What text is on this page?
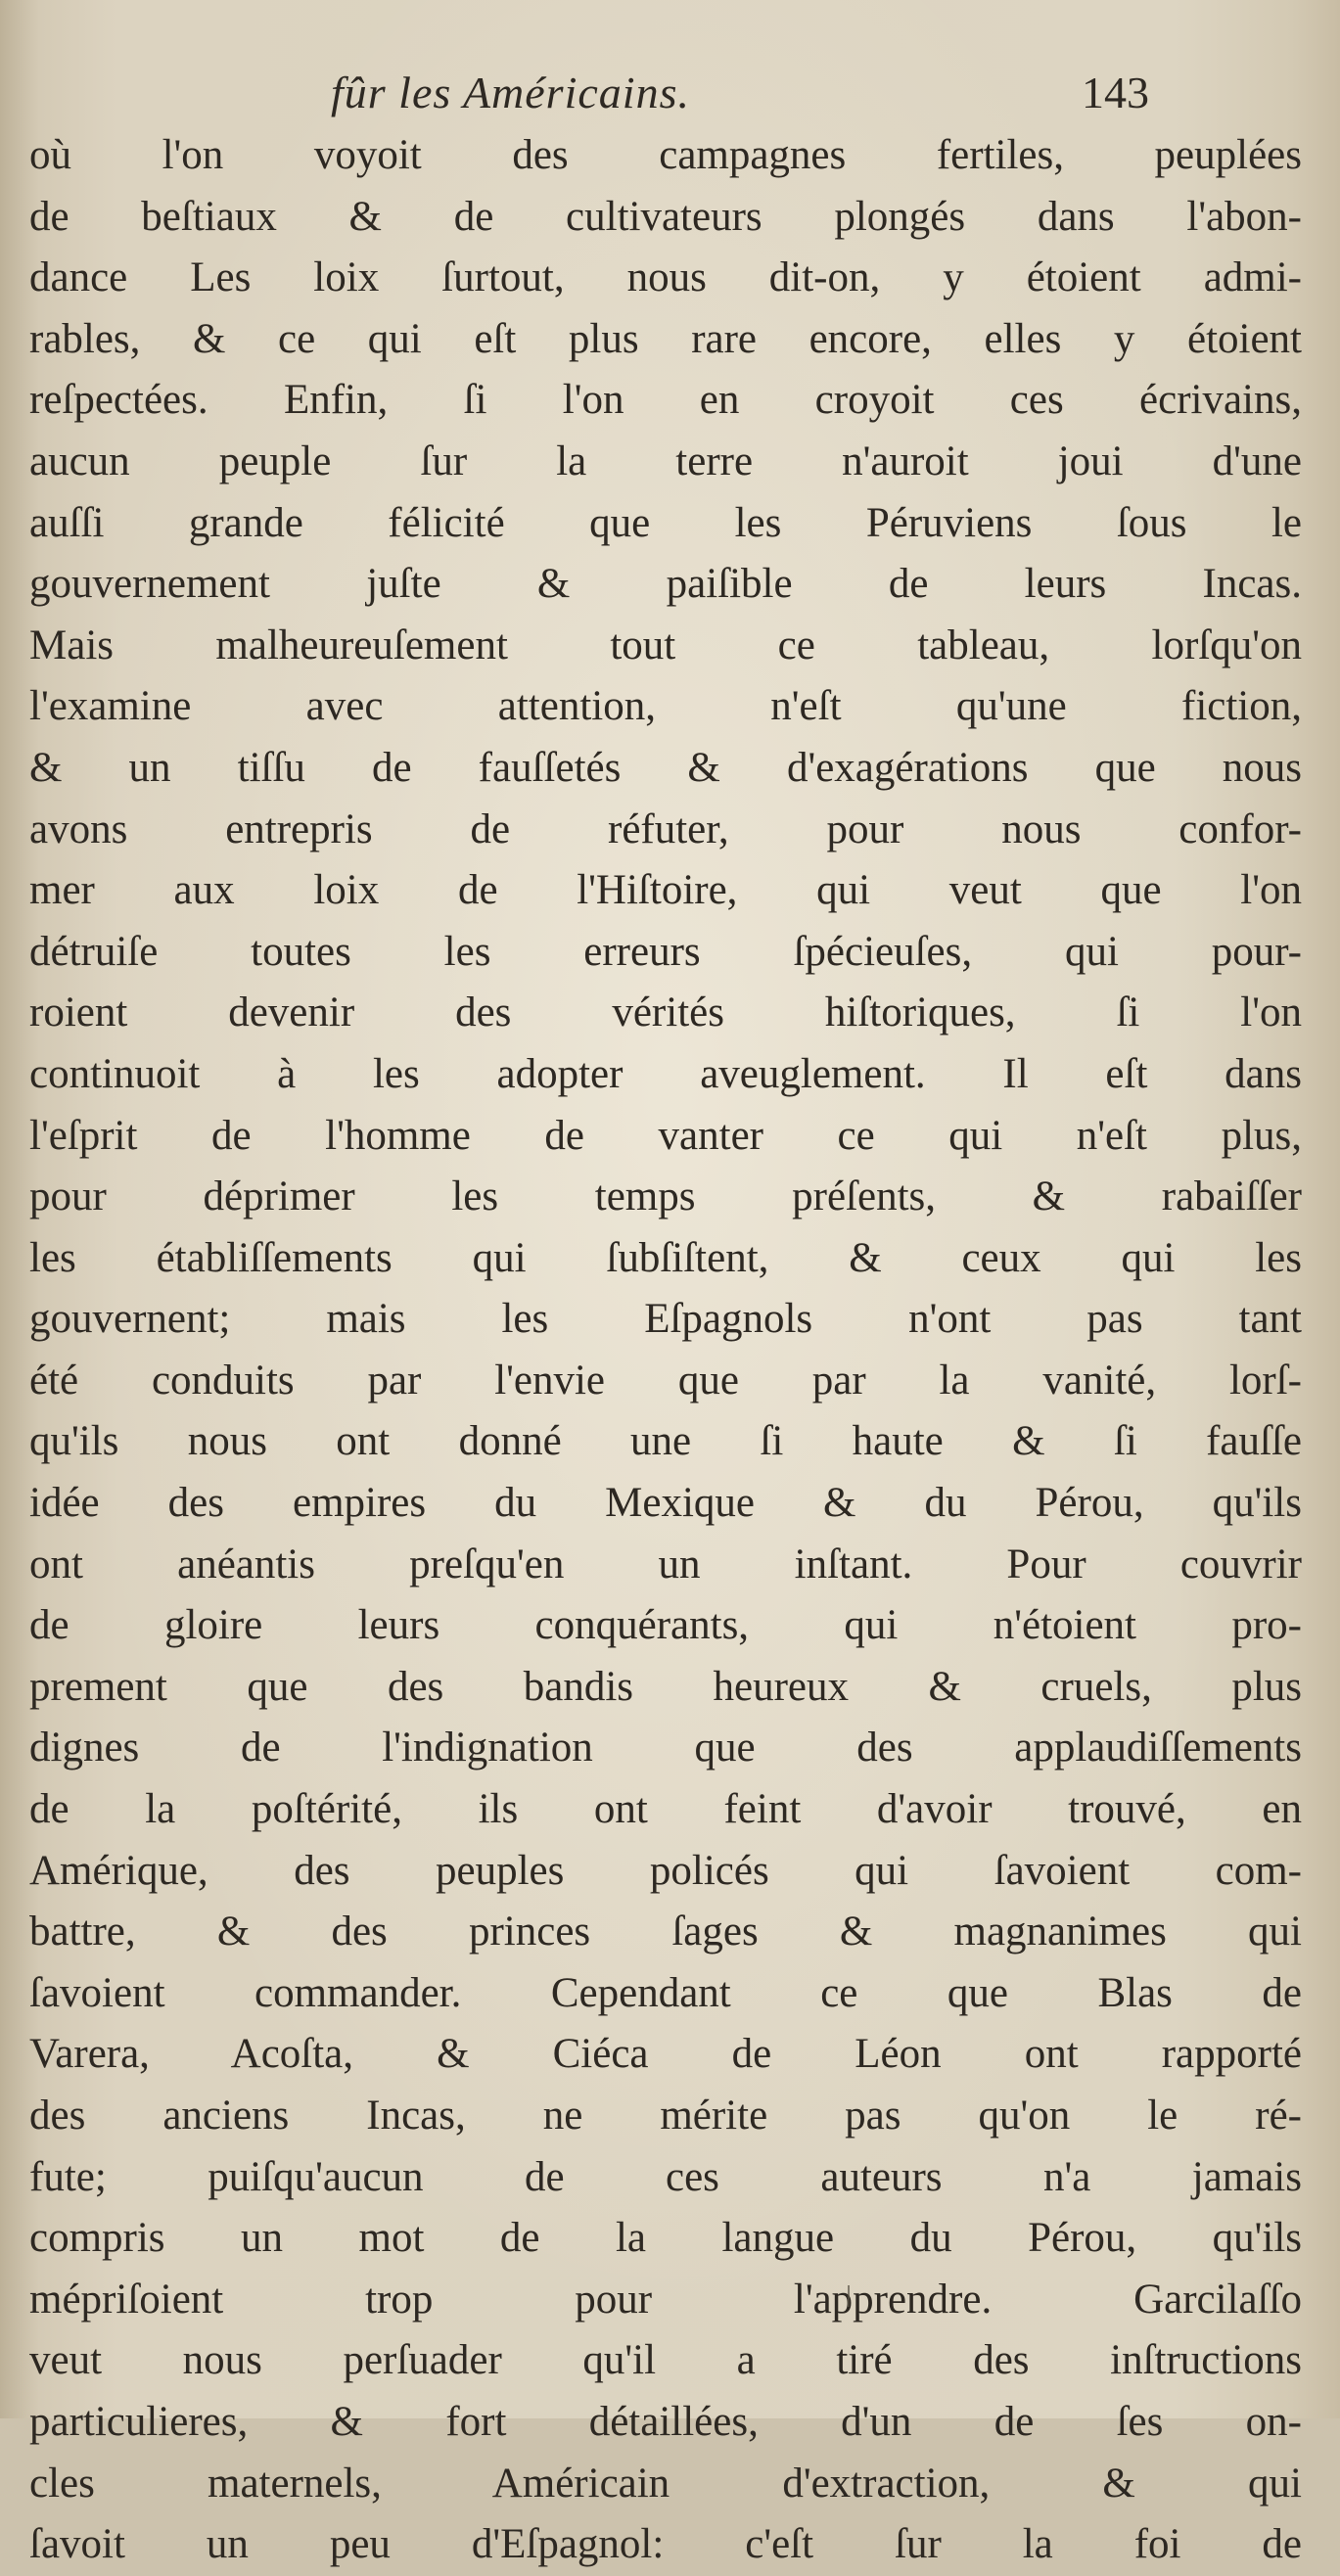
fûr les Américains.	143
où l'on voyoit des campagnes fertiles, peuplées
de beſtiaux & de cultivateurs plongés dans l'abon-
dance Les loix ſurtout, nous dit-on, y étoient admi-
rables, & ce qui eſt plus rare encore, elles y étoient
reſpectées. Enfin, ſi l'on en croyoit ces écrivains,
aucun peuple ſur la terre n'auroit joui d'une
auſſi grande félicité que les Péruviens ſous le
gouvernement juſte & paiſible de leurs Incas.
Mais malheureuſement tout ce tableau, lorſqu'on
l'examine avec attention, n'eſt qu'une fiction,
& un tiſſu de fauſſetés & d'exagérations que nous
avons entrepris de réfuter, pour nous confor-
mer aux loix de l'Hiſtoire, qui veut que l'on
détruiſe toutes les erreurs ſpécieuſes, qui pour-
roient devenir des vérités hiſtoriques, ſi l'on
continuoit à les adopter aveuglement. Il eſt dans
l'eſprit de l'homme de vanter ce qui n'eſt plus,
pour déprimer les temps préſents, & rabaiſſer
les établiſſements qui ſubſiſtent, & ceux qui les
gouvernent; mais les Eſpagnols n'ont pas tant
été conduits par l'envie que par la vanité, lorſ-
qu'ils nous ont donné une ſi haute & ſi fauſſe
idée des empires du Mexique & du Pérou, qu'ils
ont anéantis preſqu'en un inſtant. Pour couvrir
de gloire leurs conquérants, qui n'étoient pro-
prement que des bandis heureux & cruels, plus
dignes de l'indignation que des applaudiſſements
de la poſtérité, ils ont feint d'avoir trouvé, en
Amérique, des peuples policés qui ſavoient com-
battre, & des princes ſages & magnanimes qui
ſavoient commander. Cependant ce que Blas de
Varera, Acoſta, & Ciéca de Léon ont rapporté
des anciens Incas, ne mérite pas qu'on le ré-
fute; puiſqu'aucun de ces auteurs n'a jamais
compris un mot de la langue du Pérou, qu'ils
mépriſoient trop pour l'apprendre. Garcilaſſo
veut nous perſuader qu'il a tiré des inſtructions
particulieres, & fort détaillées, d'un de ſes on-
cles maternels, Américain d'extraction, & qui
ſavoit un peu d'Eſpagnol: c'eſt ſur la foi de
